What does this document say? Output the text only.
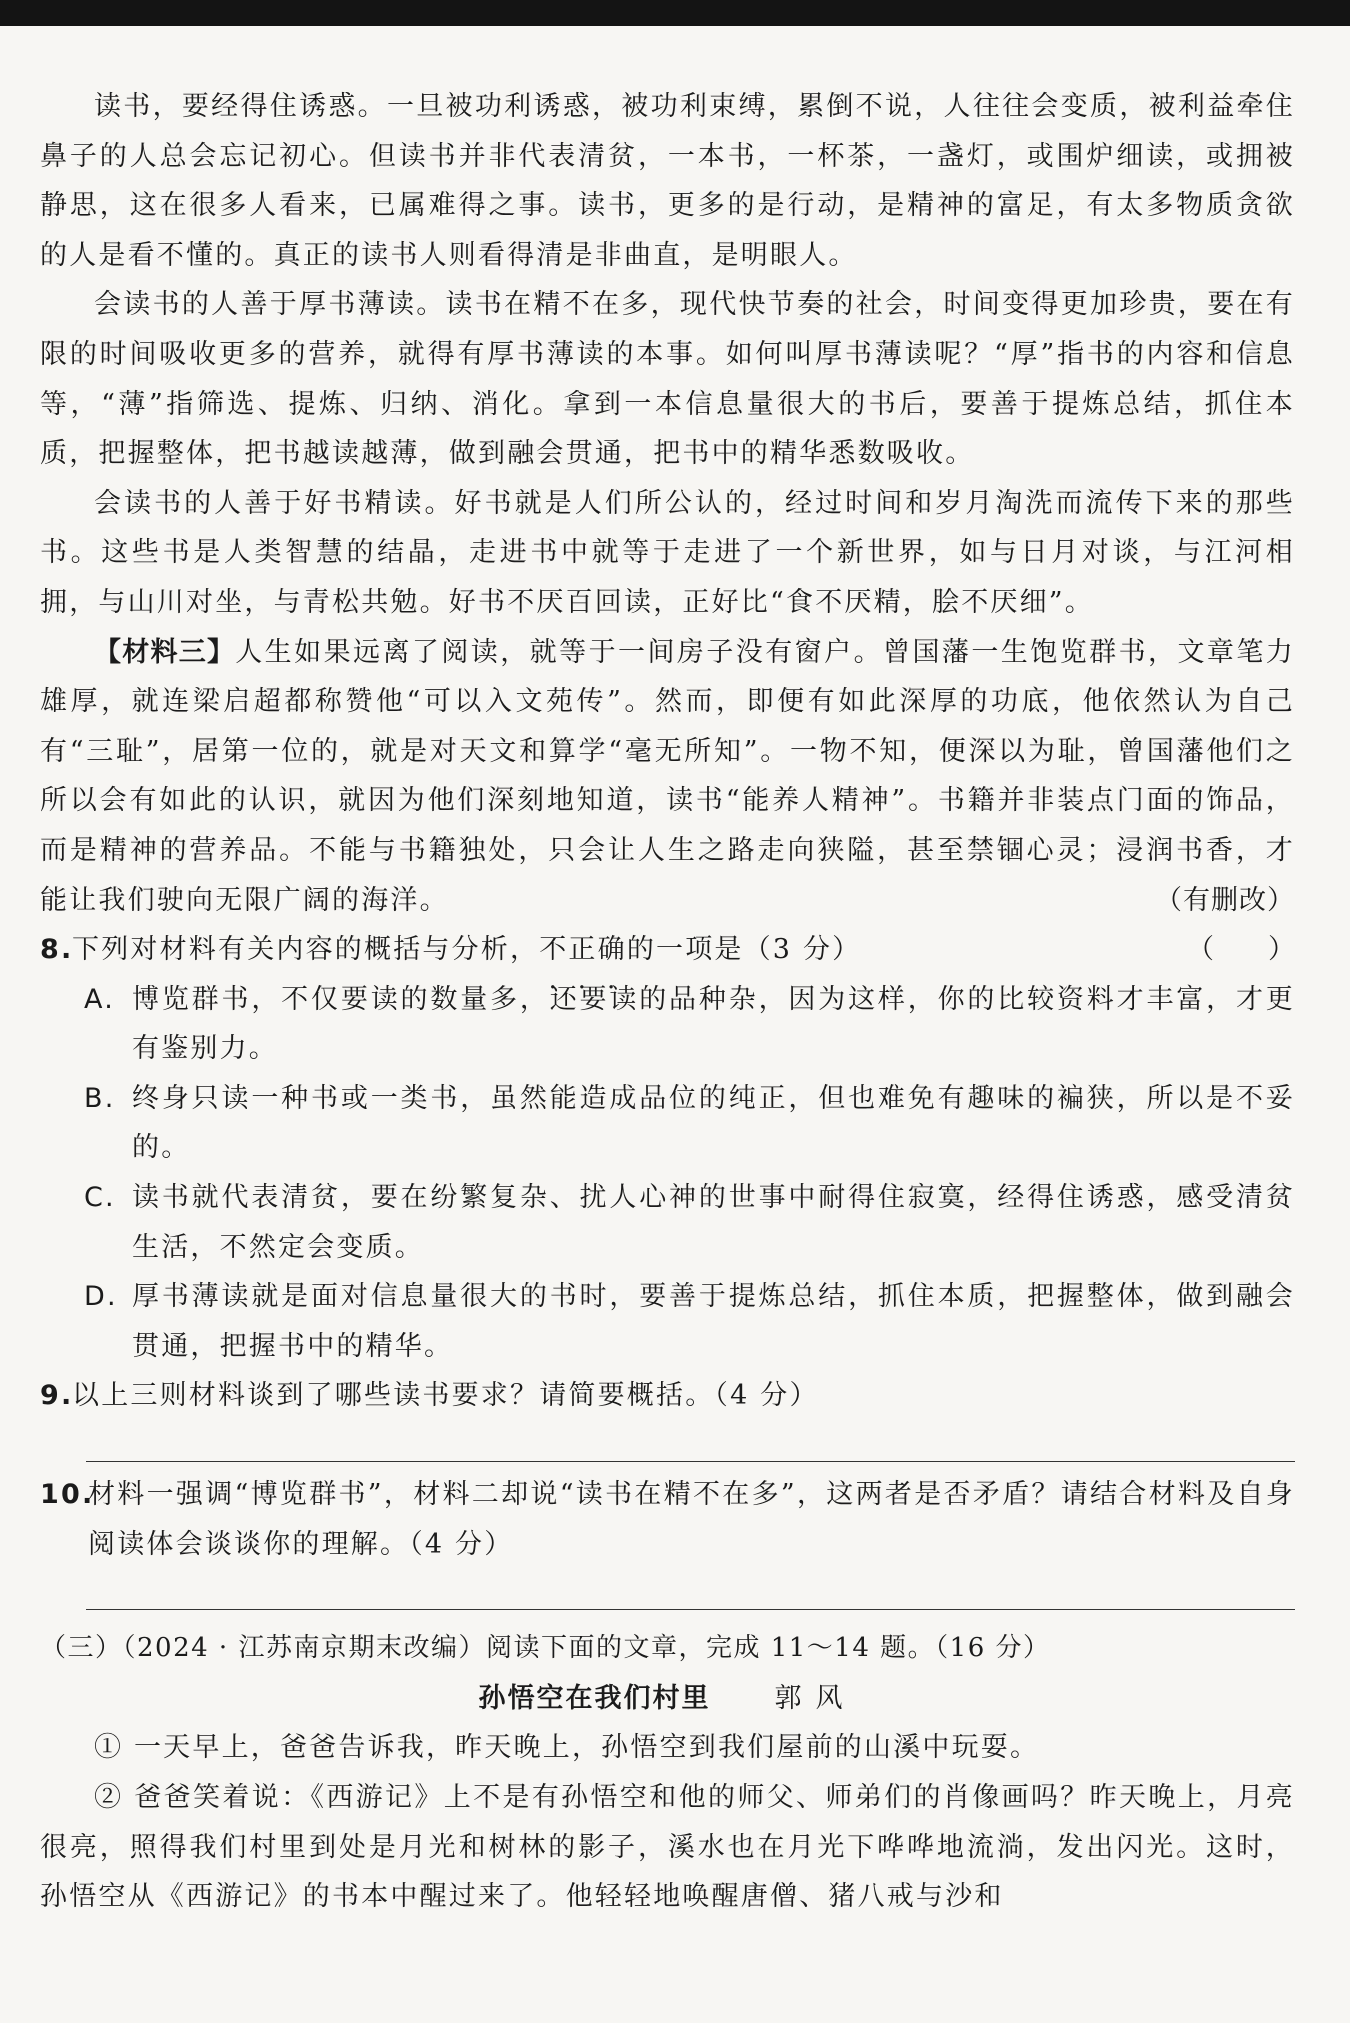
读书，要经得住诱惑。一旦被功利诱惑，被功利束缚，累倒不说，人往往会变质，被利益牵住鼻子的人总会忘记初心。但读书并非代表清贫，一本书，一杯茶，一盏灯，或围炉细读，或拥被静思，这在很多人看来，已属难得之事。读书，更多的是行动，是精神的富足，有太多物质贪欲的人是看不懂的。真正的读书人则看得清是非曲直，是明眼人。

会读书的人善于厚书薄读。读书在精不在多，现代快节奏的社会，时间变得更加珍贵，要在有限的时间吸收更多的营养，就得有厚书薄读的本事。如何叫厚书薄读呢？“厚”指书的内容和信息等，“薄”指筛选、提炼、归纳、消化。拿到一本信息量很大的书后，要善于提炼总结，抓住本质，把握整体，把书越读越薄，做到融会贯通，把书中的精华悉数吸收。

会读书的人善于好书精读。好书就是人们所公认的，经过时间和岁月淘洗而流传下来的那些书。这些书是人类智慧的结晶，走进书中就等于走进了一个新世界，如与日月对谈，与江河相拥，与山川对坐，与青松共勉。好书不厌百回读，正好比“食不厌精，脍不厌细”。

【材料三】人生如果远离了阅读，就等于一间房子没有窗户。曾国藩一生饱览群书，文章笔力雄厚，就连梁启超都称赞他“可以入文苑传”。然而，即便有如此深厚的功底，他依然认为自己有“三耻”，居第一位的，就是对天文和算学“毫无所知”。一物不知，便深以为耻，曾国藩他们之所以会有如此的认识，就因为他们深刻地知道，读书“能养人精神”。书籍并非装点门面的饰品，而是精神的营养品。不能与书籍独处，只会让人生之路走向狭隘，甚至禁锢心灵；浸润书香，才能让我们驶向无限广阔的海洋。	（有删改）

8.
下列对材料有关内容的概括与分析，不正确的一项是（3 分）	（　　）

A. 博览群书，不仅要读的数量多，还要读的品种杂，因为这样，你的比较资料才丰富，才更有鉴别力。

B. 终身只读一种书或一类书，虽然能造成品位的纯正，但也难免有趣味的褊狭，所以是不妥的。

C. 读书就代表清贫，要在纷繁复杂、扰人心神的世事中耐得住寂寞，经得住诱惑，感受清贫生活，不然定会变质。

D. 厚书薄读就是面对信息量很大的书时，要善于提炼总结，抓住本质，把握整体，做到融会贯通，把握书中的精华。

9.
以上三则材料谈到了哪些读书要求？请简要概括。（4 分）

10.
材料一强调“博览群书”，材料二却说“读书在精不在多”，这两者是否矛盾？请结合材料及自身阅读体会谈谈你的理解。（4 分）

（三）（2024 · 江苏南京期末改编）阅读下面的文章，完成 11～14 题。（16 分）

孙悟空在我们村里 郭风

① 一天早上，爸爸告诉我，昨天晚上，孙悟空到我们屋前的山溪中玩耍。

② 爸爸笑着说：《西游记》上不是有孙悟空和他的师父、师弟们的肖像画吗？昨天晚上，月亮很亮，照得我们村里到处是月光和树林的影子，溪水也在月光下哗哗地流淌，发出闪光。这时，孙悟空从《西游记》的书本中醒过来了。他轻轻地唤醒唐僧、猪八戒与沙和
